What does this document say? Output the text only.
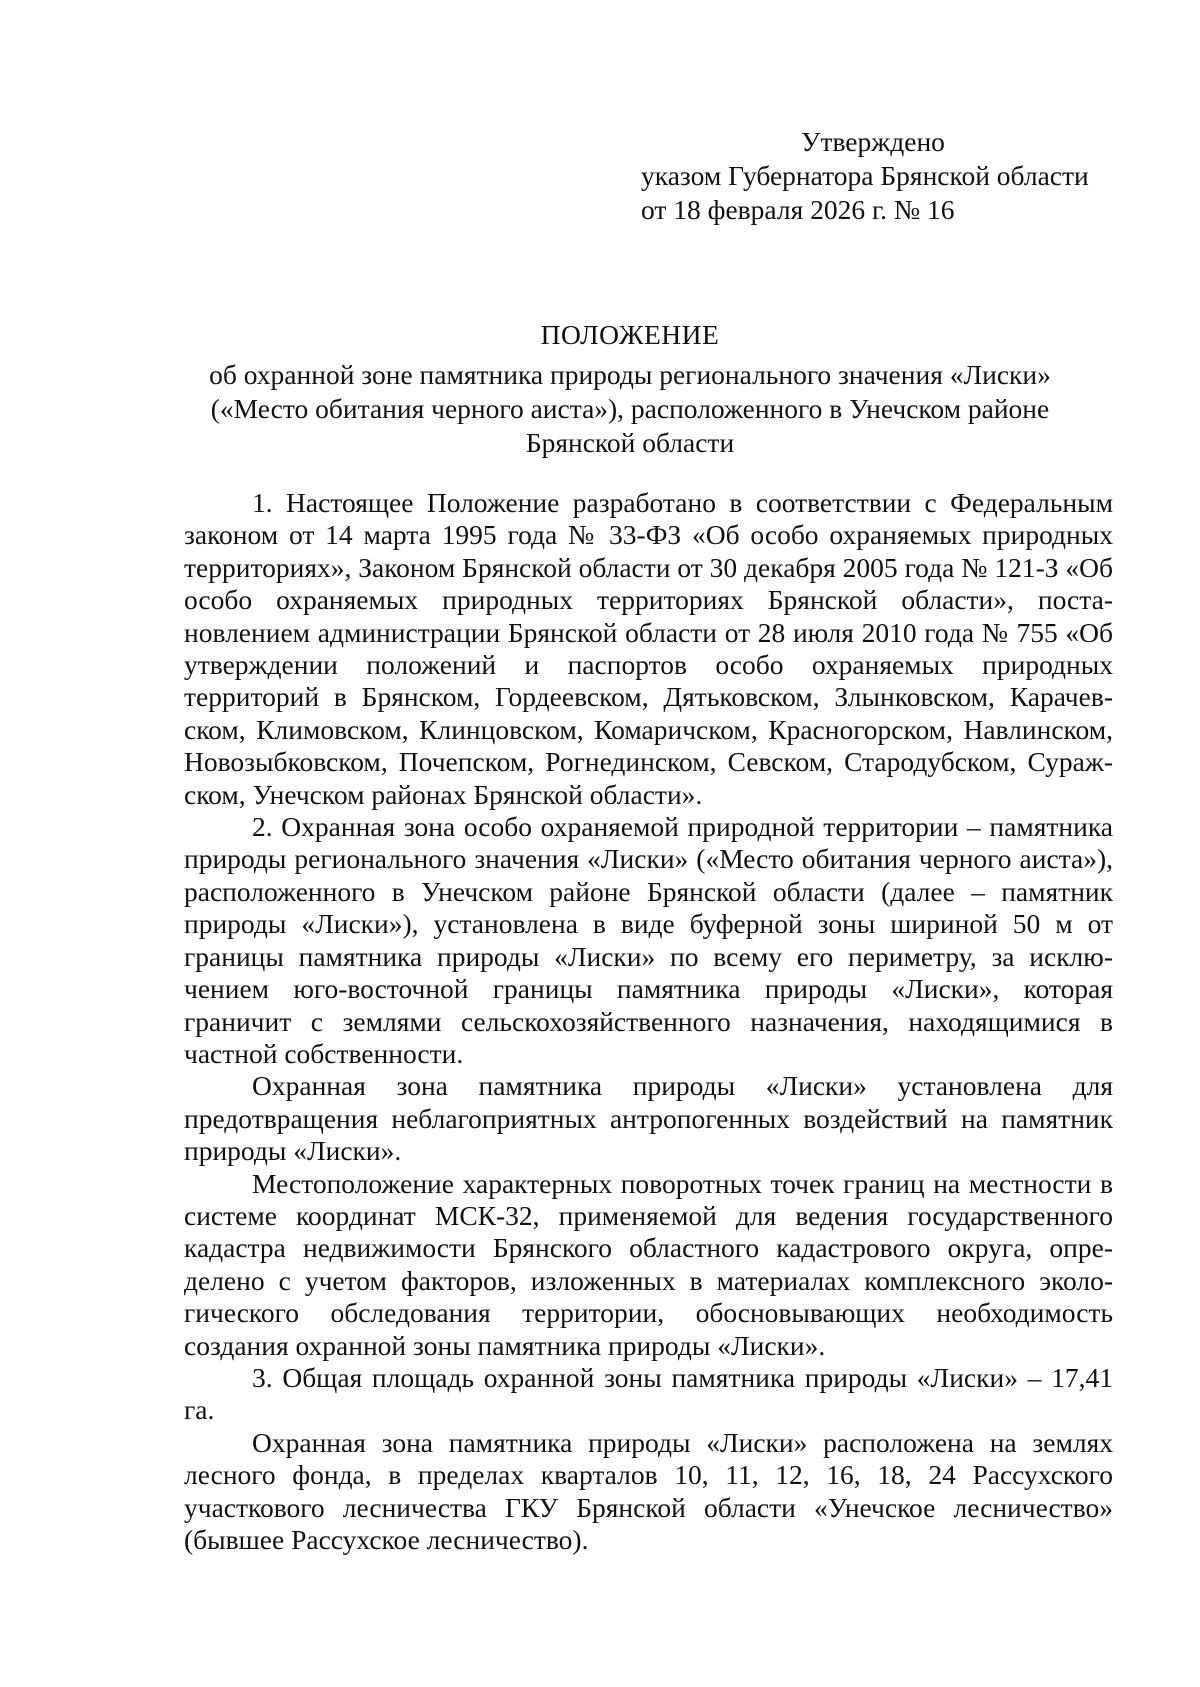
Утверждено
указом Губернатора Брянской области
от 18 февраля 2026 г. № 16
ПОЛОЖЕНИЕ
об охранной зоне памятника природы регионального значения «Лиски»
(«Место обитания черного аиста»), расположенного в Унечском районе
Брянской области

1. Настоящее Положение разработано в соответствии с Федеральным законом от 14 марта 1995 года № 33-ФЗ «Об особо охраняемых природных территориях», Законом Брянской области от 30 декабря 2005 года № 121-З «Об особо охраняемых природных территориях Брянской области», постановлением администрации Брянской области от 28 июля 2010 года № 755 «Об утверждении положений и паспортов особо охраняемых природных территорий в Брянском, Гордеевском, Дятьковском, Злынковском, Карачевском, Климовском, Клинцовском, Комаричском, Красногорском, Навлинском, Новозыбковском, Почепском, Рогнединском, Севском, Стародубском, Суражском, Унечском районах Брянской области».

2. Охранная зона особо охраняемой природной территории – памятника природы регионального значения «Лиски» («Место обитания черного аиста»), расположенного в Унечском районе Брянской области (далее – памятник природы «Лиски»), установлена в виде буферной зоны шириной 50 м от границы памятника природы «Лиски» по всему его периметру, за исключением юго-восточной границы памятника природы «Лиски», которая граничит с землями сельскохозяйственного назначения, находящимися в частной собственности.

Охранная зона памятника природы «Лиски» установлена для предотвращения неблагоприятных антропогенных воздействий на памятник природы «Лиски».

Местоположение характерных поворотных точек границ на местности в системе координат МСК-32, применяемой для ведения государственного кадастра недвижимости Брянского областного кадастрового округа, определено с учетом факторов, изложенных в материалах комплексного экологического обследования территории, обосновывающих необходимость создания охранной зоны памятника природы «Лиски».

3. Общая площадь охранной зоны памятника природы «Лиски» – 17,41 га.

Охранная зона памятника природы «Лиски» расположена на землях лесного фонда, в пределах кварталов 10, 11, 12, 16, 18, 24 Рассухского участкового лесничества ГКУ Брянской области «Унечское лесничество» (бывшее Рассухское лесничество).
